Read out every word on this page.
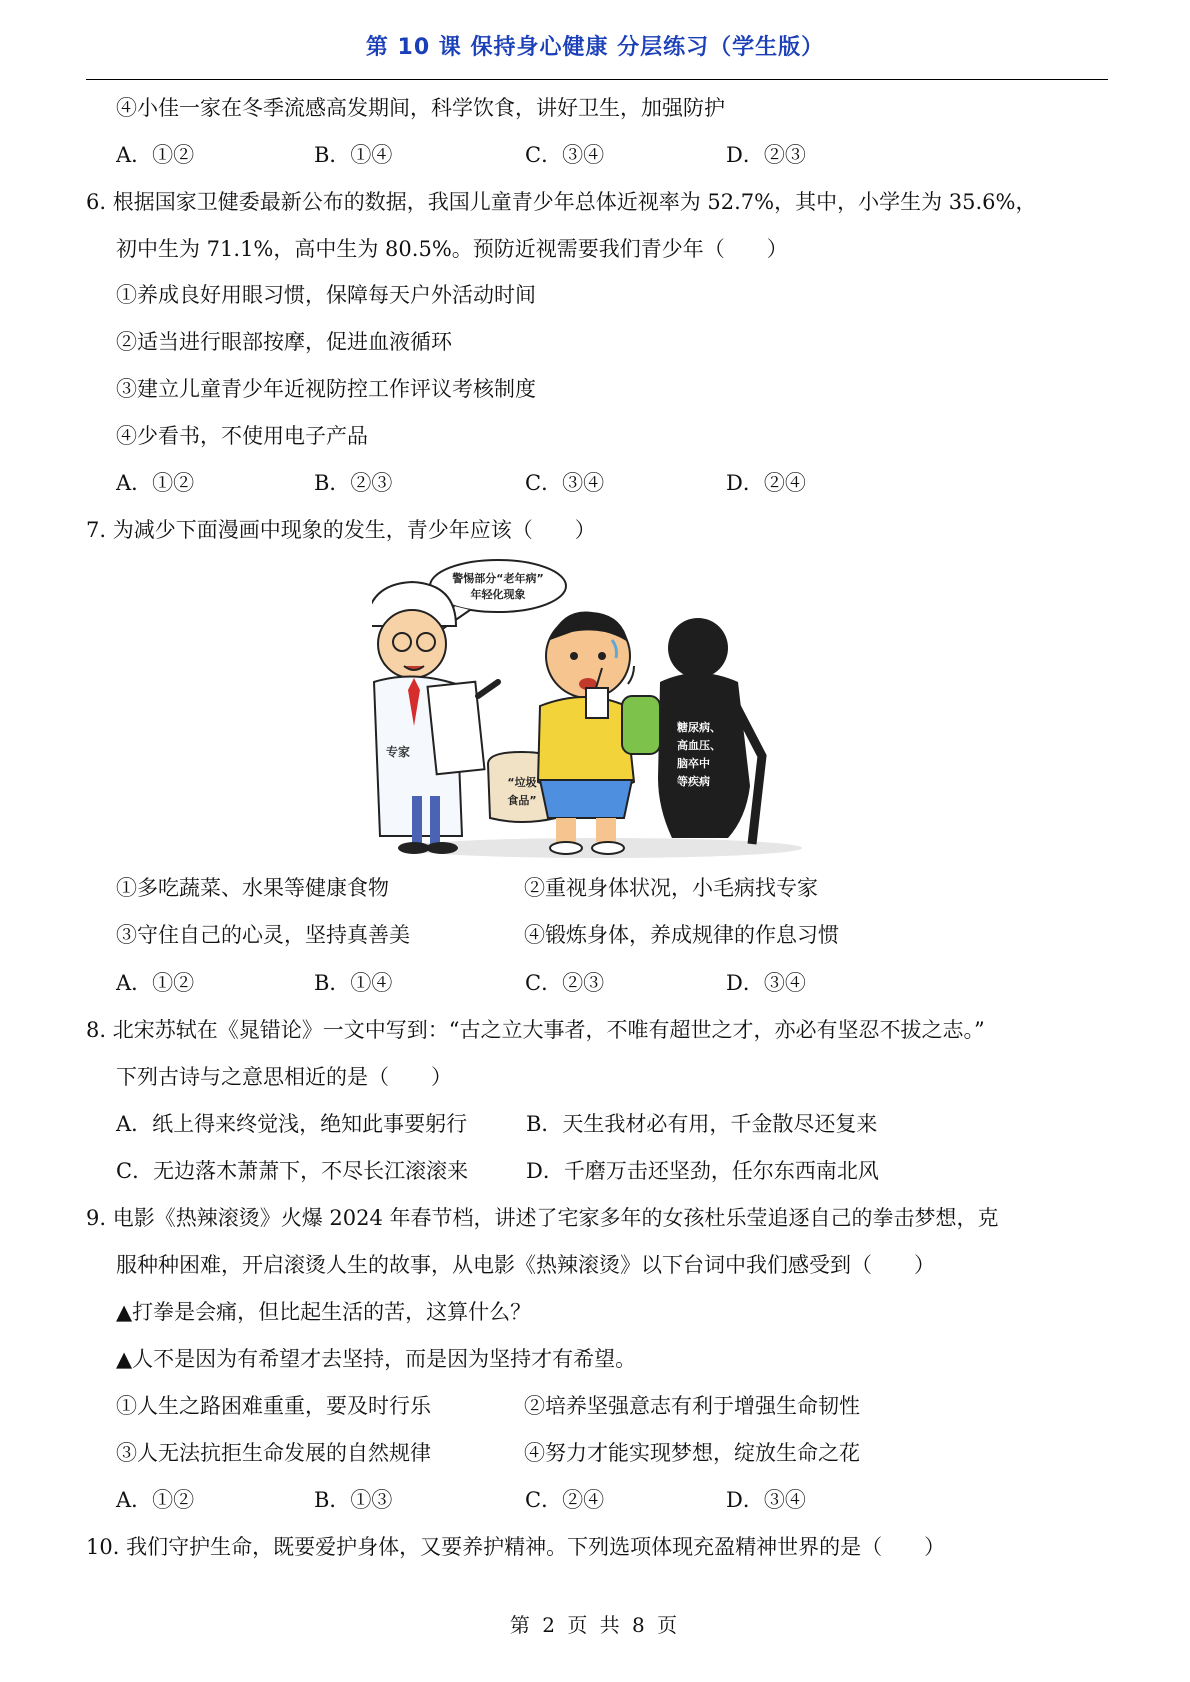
第 10 课 保持身心健康 分层练习（学生版）
④小佳一家在冬季流感高发期间，科学饮食，讲好卫生，加强防护
A．①②	B．①④	C．③④	D．②③
6. 根据国家卫健委最新公布的数据，我国儿童青少年总体近视率为 52.7%，其中，小学生为 35.6%，
初中生为 71.1%，高中生为 80.5%。预防近视需要我们青少年（　　）
①养成良好用眼习惯，保障每天户外活动时间
②适当进行眼部按摩，促进血液循环
③建立儿童青少年近视防控工作评议考核制度
④少看书，不使用电子产品
A．①②	B．②③	C．③④	D．②④
7. 为减少下面漫画中现象的发生，青少年应该（　　）
糖尿病、
高血压、
脑卒中
等疾病
警惕部分“老年病”
年轻化现象
专家
“垃圾
食品”
①多吃蔬菜、水果等健康食物	②重视身体状况，小毛病找专家
③守住自己的心灵，坚持真善美	④锻炼身体，养成规律的作息习惯
A．①②	B．①④	C．②③	D．③④
8. 北宋苏轼在《晁错论》一文中写到：“古之立大事者，不唯有超世之才，亦必有坚忍不拔之志。”
下列古诗与之意思相近的是（　　）
A．纸上得来终觉浅，绝知此事要躬行	B．天生我材必有用，千金散尽还复来
C．无边落木萧萧下，不尽长江滚滚来	D．千磨万击还坚劲，任尔东西南北风
9. 电影《热辣滚烫》火爆 2024 年春节档，讲述了宅家多年的女孩杜乐莹追逐自己的拳击梦想，克
服种种困难，开启滚烫人生的故事，从电影《热辣滚烫》以下台词中我们感受到（　　）
▲打拳是会痛，但比起生活的苦，这算什么？
▲人不是因为有希望才去坚持，而是因为坚持才有希望。
①人生之路困难重重，要及时行乐	②培养坚强意志有利于增强生命韧性
③人无法抗拒生命发展的自然规律	④努力才能实现梦想，绽放生命之花
A．①②	B．①③	C．②④	D．③④
10. 我们守护生命，既要爱护身体，又要养护精神。下列选项体现充盈精神世界的是（　　）
第 2 页 共 8 页
